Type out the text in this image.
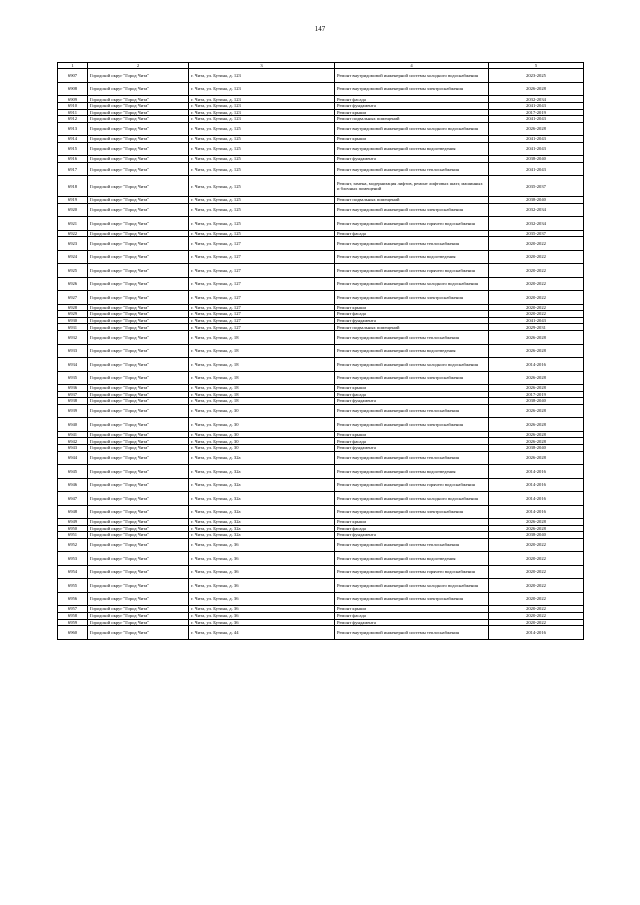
147
1	2	3	4	5
6907	Городской округ "Город Чита"	г. Чита, ул. Бутина, д. 123	Ремонт внутридомовой инженерной системы холодного водоснабжения	2023-2025
6908	Городской округ "Город Чита"	г. Чита, ул. Бутина, д. 123	Ремонт внутридомовой инженерной системы электроснабжения	2026-2028
6909	Городской округ "Город Чита"	г. Чита, ул. Бутина, д. 123	Ремонт фасада	2032-2034
6910	Городской округ "Город Чита"	г. Чита, ул. Бутина, д. 123	Ремонт фундамента	2041-2043
6911	Городской округ "Город Чита"	г. Чита, ул. Бутина, д. 123	Ремонт крыши	2017-2019
6912	Городской округ "Город Чита"	г. Чита, ул. Бутина, д. 123	Ремонт подвальных помещений	2041-2043
6913	Городской округ "Город Чита"	г. Чита, ул. Бутина, д. 125	Ремонт внутридомовой инженерной системы холодного водоснабжения	2026-2028
6914	Городской округ "Город Чита"	г. Чита, ул. Бутина, д. 125	Ремонт крыши	2041-2043
6915	Городской округ "Город Чита"	г. Чита, ул. Бутина, д. 125	Ремонт внутридомовой инженерной системы водоотведения	2041-2043
6916	Городской округ "Город Чита"	г. Чита, ул. Бутина, д. 125	Ремонт фундамента	2038-2040
6917	Городской округ "Город Чита"	г. Чита, ул. Бутина, д. 125	Ремонт внутридомовой инженерной системы теплоснабжения	2041-2043
6918	Городской округ "Город Чита"	г. Чита, ул. Бутина, д. 125	Ремонт, замена, модернизация лифтов, ремонт лифтовых шахт, машинных и блочных помещений	2035-2037
6919	Городской округ "Город Чита"	г. Чита, ул. Бутина, д. 125	Ремонт подвальных помещений	2038-2040
6920	Городской округ "Город Чита"	г. Чита, ул. Бутина, д. 125	Ремонт внутридомовой инженерной системы электроснабжения	2032-2034
6921	Городской округ "Город Чита"	г. Чита, ул. Бутина, д. 125	Ремонт внутридомовой инженерной системы горячего водоснабжения	2032-2034
6922	Городской округ "Город Чита"	г. Чита, ул. Бутина, д. 125	Ремонт фасада	2035-2037
6923	Городской округ "Город Чита"	г. Чита, ул. Бутина, д. 127	Ремонт внутридомовой инженерной системы теплоснабжения	2020-2022
6924	Городской округ "Город Чита"	г. Чита, ул. Бутина, д. 127	Ремонт внутридомовой инженерной системы водоотведения	2020-2022
6925	Городской округ "Город Чита"	г. Чита, ул. Бутина, д. 127	Ремонт внутридомовой инженерной системы горячего водоснабжения	2020-2022
6926	Городской округ "Город Чита"	г. Чита, ул. Бутина, д. 127	Ремонт внутридомовой инженерной системы холодного водоснабжения	2020-2022
6927	Городской округ "Город Чита"	г. Чита, ул. Бутина, д. 127	Ремонт внутридомовой инженерной системы электроснабжения	2020-2022
6928	Городской округ "Город Чита"	г. Чита, ул. Бутина, д. 127	Ремонт крыши	2020-2022
6929	Городской округ "Город Чита"	г. Чита, ул. Бутина, д. 127	Ремонт фасада	2020-2022
6930	Городской округ "Город Чита"	г. Чита, ул. Бутина, д. 127	Ремонт фундамента	2041-2043
6931	Городской округ "Город Чита"	г. Чита, ул. Бутина, д. 127	Ремонт подвальных помещений	2029-2031
6932	Городской округ "Город Чита"	г. Чита, ул. Бутина, д. 18	Ремонт внутридомовой инженерной системы теплоснабжения	2026-2028
6933	Городской округ "Город Чита"	г. Чита, ул. Бутина, д. 18	Ремонт внутридомовой инженерной системы водоотведения	2026-2028
6934	Городской округ "Город Чита"	г. Чита, ул. Бутина, д. 18	Ремонт внутридомовой инженерной системы холодного водоснабжения	2014-2016
6935	Городской округ "Город Чита"	г. Чита, ул. Бутина, д. 18	Ремонт внутридомовой инженерной системы электроснабжения	2026-2028
6936	Городской округ "Город Чита"	г. Чита, ул. Бутина, д. 18	Ремонт крыши	2026-2028
6937	Городской округ "Город Чита"	г. Чита, ул. Бутина, д. 18	Ремонт фасада	2017-2019
6938	Городской округ "Город Чита"	г. Чита, ул. Бутина, д. 18	Ремонт фундамента	2038-2040
6939	Городской округ "Город Чита"	г. Чита, ул. Бутина, д. 30	Ремонт внутридомовой инженерной системы теплоснабжения	2026-2028
6940	Городской округ "Город Чита"	г. Чита, ул. Бутина, д. 30	Ремонт внутридомовой инженерной системы электроснабжения	2026-2028
6941	Городской округ "Город Чита"	г. Чита, ул. Бутина, д. 30	Ремонт крыши	2026-2028
6942	Городской округ "Город Чита"	г. Чита, ул. Бутина, д. 30	Ремонт фасада	2026-2028
6943	Городской округ "Город Чита"	г. Чита, ул. Бутина, д. 30	Ремонт фундамента	2038-2040
6944	Городской округ "Город Чита"	г. Чита, ул. Бутина, д. 32а	Ремонт внутридомовой инженерной системы теплоснабжения	2026-2028
6945	Городской округ "Город Чита"	г. Чита, ул. Бутина, д. 32а	Ремонт внутридомовой инженерной системы водоотведения	2014-2016
6946	Городской округ "Город Чита"	г. Чита, ул. Бутина, д. 32а	Ремонт внутридомовой инженерной системы горячего водоснабжения	2014-2016
6947	Городской округ "Город Чита"	г. Чита, ул. Бутина, д. 32а	Ремонт внутридомовой инженерной системы холодного водоснабжения	2014-2016
6948	Городской округ "Город Чита"	г. Чита, ул. Бутина, д. 32а	Ремонт внутридомовой инженерной системы электроснабжения	2014-2016
6949	Городской округ "Город Чита"	г. Чита, ул. Бутина, д. 32а	Ремонт крыши	2026-2028
6950	Городской округ "Город Чита"	г. Чита, ул. Бутина, д. 32а	Ремонт фасада	2026-2028
6951	Городской округ "Город Чита"	г. Чита, ул. Бутина, д. 32а	Ремонт фундамента	2038-2040
6952	Городской округ "Город Чита"	г. Чита, ул. Бутина, д. 36	Ремонт внутридомовой инженерной системы теплоснабжения	2020-2022
6953	Городской округ "Город Чита"	г. Чита, ул. Бутина, д. 36	Ремонт внутридомовой инженерной системы водоотведения	2020-2022
6954	Городской округ "Город Чита"	г. Чита, ул. Бутина, д. 36	Ремонт внутридомовой инженерной системы горячего водоснабжения	2020-2022
6955	Городской округ "Город Чита"	г. Чита, ул. Бутина, д. 36	Ремонт внутридомовой инженерной системы холодного водоснабжения	2020-2022
6956	Городской округ "Город Чита"	г. Чита, ул. Бутина, д. 36	Ремонт внутридомовой инженерной системы электроснабжения	2020-2022
6957	Городской округ "Город Чита"	г. Чита, ул. Бутина, д. 36	Ремонт крыши	2020-2022
6958	Городской округ "Город Чита"	г. Чита, ул. Бутина, д. 36	Ремонт фасада	2020-2022
6959	Городской округ "Город Чита"	г. Чита, ул. Бутина, д. 36	Ремонт фундамента	2020-2022
6960	Городской округ "Город Чита"	г. Чита, ул. Бутина, д. 44	Ремонт внутридомовой инженерной системы теплоснабжения	2014-2016
